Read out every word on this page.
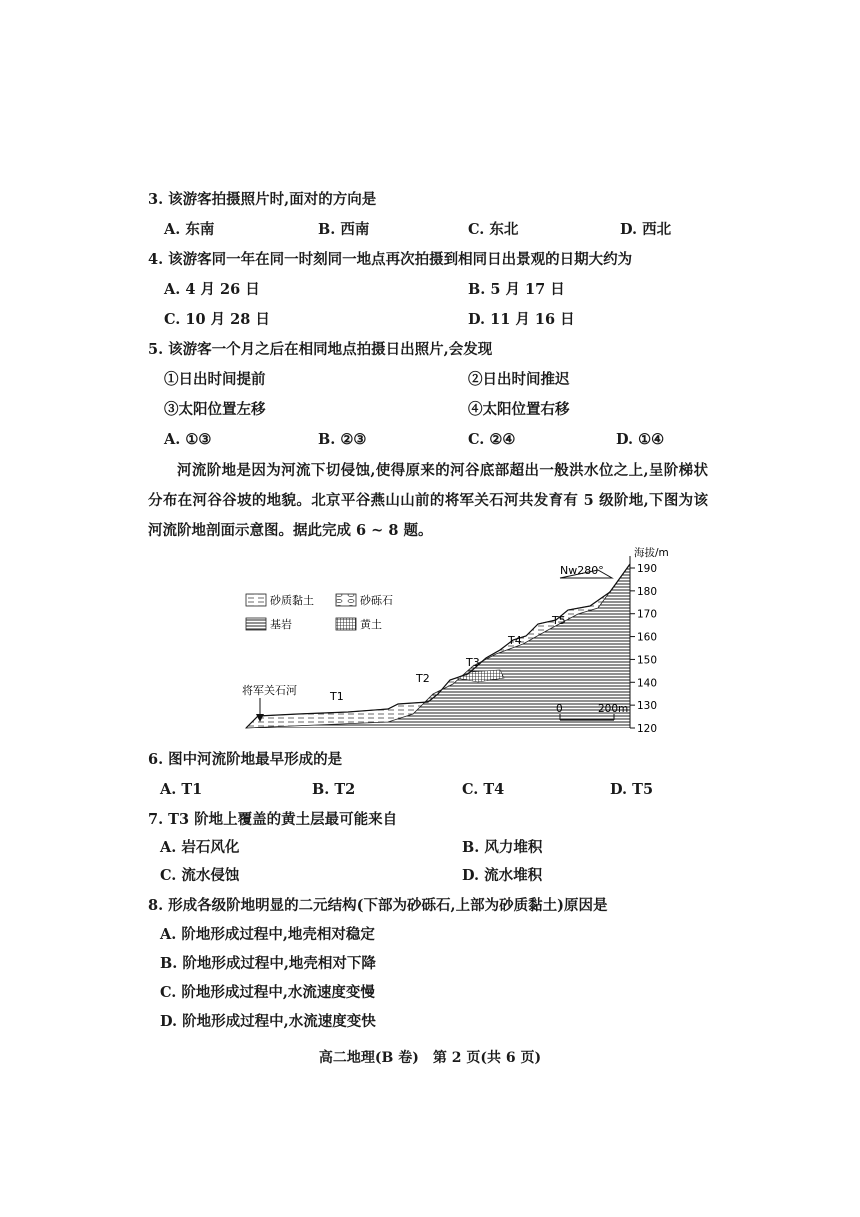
3. 该游客拍摄照片时,面对的方向是
A. 东南	B. 西南	C. 东北	D. 西北
4. 该游客同一年在同一时刻同一地点再次拍摄到相同日出景观的日期大约为
A. 4 月 26 日	B. 5 月 17 日
C. 10 月 28 日	D. 11 月 16 日
5. 该游客一个月之后在相同地点拍摄日出照片,会发现
①日出时间提前	②日出时间推迟
③太阳位置左移	④太阳位置右移
A. ①③	B. ②③	C. ②④	D. ①④
河流阶地是因为河流下切侵蚀,使得原来的河谷底部超出一般洪水位之上,呈阶梯状分布在河谷谷坡的地貌。北京平谷燕山山前的将军关石河共发育有 5 级阶地,下图为该河流阶地剖面示意图。据此完成 6 ~ 8 题。
砂质黏土	砂砾石
基岩	黄土
将军关石河	T1
T2
T3
T4
T5
Nw280°
海拔/m
190
180
170
160
150
140
130
120
0	200m
6. 图中河流阶地最早形成的是
A. T1	B. T2	C. T4	D. T5
7. T3 阶地上覆盖的黄土层最可能来自
A. 岩石风化	B. 风力堆积
C. 流水侵蚀	D. 流水堆积
8. 形成各级阶地明显的二元结构(下部为砂砾石,上部为砂质黏土)原因是
A. 阶地形成过程中,地壳相对稳定
B. 阶地形成过程中,地壳相对下降
C. 阶地形成过程中,水流速度变慢
D. 阶地形成过程中,水流速度变快
高二地理(B 卷)　第 2 页(共 6 页)
